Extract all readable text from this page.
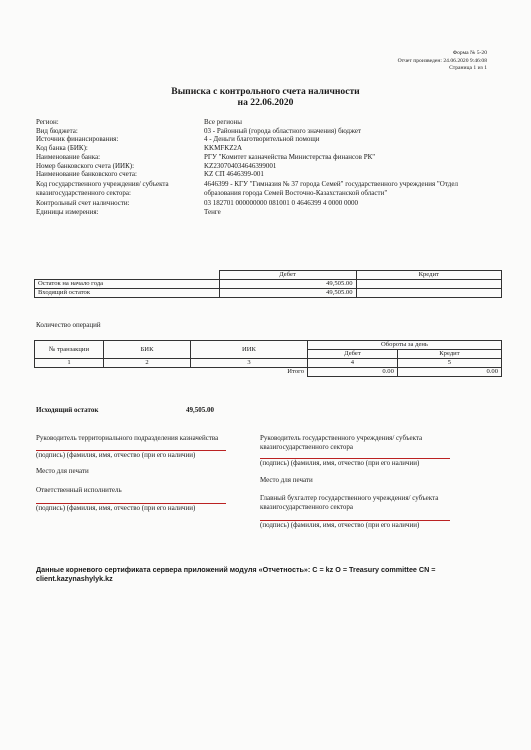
Форма № 5-20
Отчет произведен: 24.06.2020 9:46:08
Страница 1 из 1
Выписка с контрольного счета наличности
на 22.06.2020
Регион:	Все регионы
Вид бюджета:	03 - Районный (города областного значения) бюджет
Источник финансирования:	4 - Деньги благотворительной помощи
Код банка (БИК):	KKMFKZ2A
Наименование банка:	РГУ "Комитет казначейства Министерства финансов РК"
Номер банковского счета (ИИК):	KZ230704034646399001
Наименование банковского счета:	KZ СП 4646399-001
Код государственного учреждения/ субъекта квазигосударственного сектора:
4646399 - КГУ "Гимназия № 37 города Семей" государственного учреждения "Отдел образования города Семей Восточно-Казахстанской области"
Контрольный счет наличности:	03 182701 000000000 081001 0 4646399 4 0000 0000
Единицы измерения:	Тенге
	Дебет	Кредит
Остаток на начало года	49,505.00	
Входящий остаток	49,505.00	
Количество операций
№ транзакции	БИК	ИИК	Обороты за день	
			Дебет	Кредит
1	2	3	4	5
Итого			0.00	0.00
Исходящий остаток	49,505.00
Руководитель территориального подразделения казначейства
(подпись) (фамилия, имя, отчество (при его наличии)
Место для печати
Ответственный исполнитель
(подпись) (фамилия, имя, отчество (при его наличии)
Руководитель государственного учреждения/ субъекта квазигосударственного сектора
(подпись) (фамилия, имя, отчество (при его наличии)
Место для печати
Главный бухгалтер государственного учреждения/ субъекта квазигосударственного сектора
(подпись) (фамилия, имя, отчество (при его наличии)
Данные корневого сертификата сервера приложений модуля «Отчетность»: C = kz O = Treasury committee CN = client.kazynashylyk.kz
